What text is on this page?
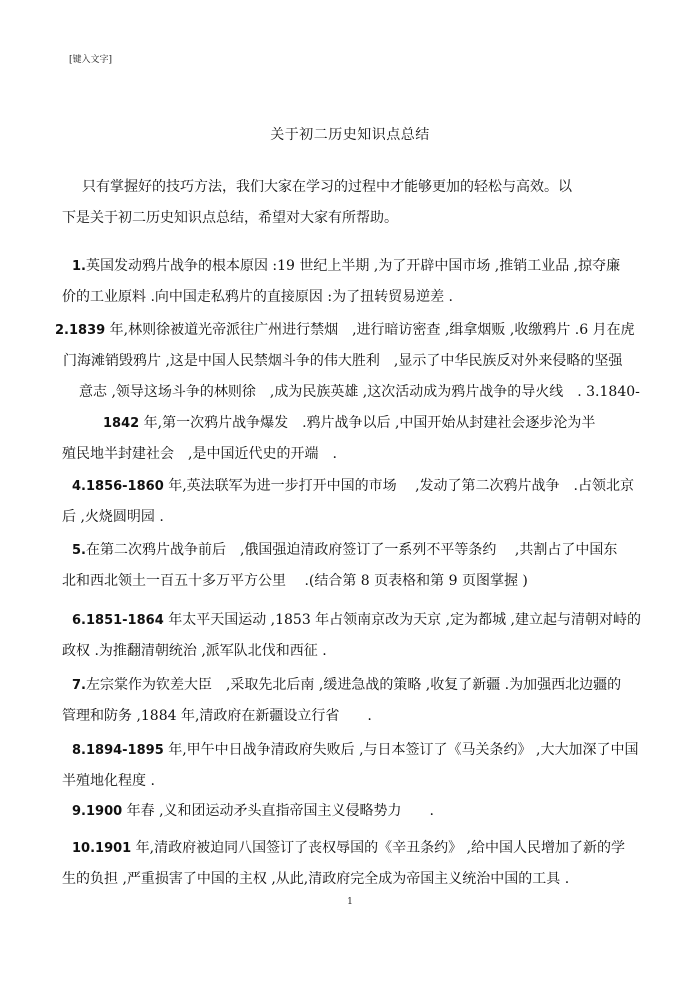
[键入文字]
关于初二历史知识点总结
只有掌握好的技巧方法，我们大家在学习的过程中才能够更加的轻松与高效。以
下是关于初二历史知识点总结，希望对大家有所帮助。
1.英国发动鸦片战争的根本原因 :19 世纪上半期 ,为了开辟中国市场 ,推销工业品 ,掠夺廉
价的工业原料 .向中国走私鸦片的直接原因 :为了扭转贸易逆差 .
2.1839 年,林则徐被道光帝派往广州进行禁烟　,进行暗访密查 ,缉拿烟贩 ,收缴鸦片 .6 月在虎
门海滩销毁鸦片 ,这是中国人民禁烟斗争的伟大胜利　,显示了中华民族反对外来侵略的坚强
意志 ,领导这场斗争的林则徐　,成为民族英雄 ,这次活动成为鸦片战争的导火线　. 3.1840-
1842 年,第一次鸦片战争爆发　.鸦片战争以后 ,中国开始从封建社会逐步沦为半
殖民地半封建社会　,是中国近代史的开端　.
4.1856-1860 年,英法联军为进一步打开中国的市场　 ,发动了第二次鸦片战争　.占领北京
后 ,火烧圆明园 .
5.在第二次鸦片战争前后　,俄国强迫清政府签订了一系列不平等条约　 ,共割占了中国东
北和西北领土一百五十多万平方公里　 .(结合第 8 页表格和第 9 页图掌握 )
6.1851-1864 年太平天国运动 ,1853 年占领南京改为天京 ,定为都城 ,建立起与清朝对峙的
政权 .为推翻清朝统治 ,派军队北伐和西征 .
7.左宗棠作为钦差大臣　,采取先北后南 ,缓进急战的策略 ,收复了新疆 .为加强西北边疆的
管理和防务 ,1884 年,清政府在新疆设立行省　　.
8.1894-1895 年,甲午中日战争清政府失败后 ,与日本签订了《马关条约》 ,大大加深了中国
半殖地化程度 .
9.1900 年春 ,义和团运动矛头直指帝国主义侵略势力　　.
10.1901 年,清政府被迫同八国签订了丧权辱国的《辛丑条约》 ,给中国人民增加了新的学
生的负担 ,严重损害了中国的主权 ,从此,清政府完全成为帝国主义统治中国的工具 .
1
